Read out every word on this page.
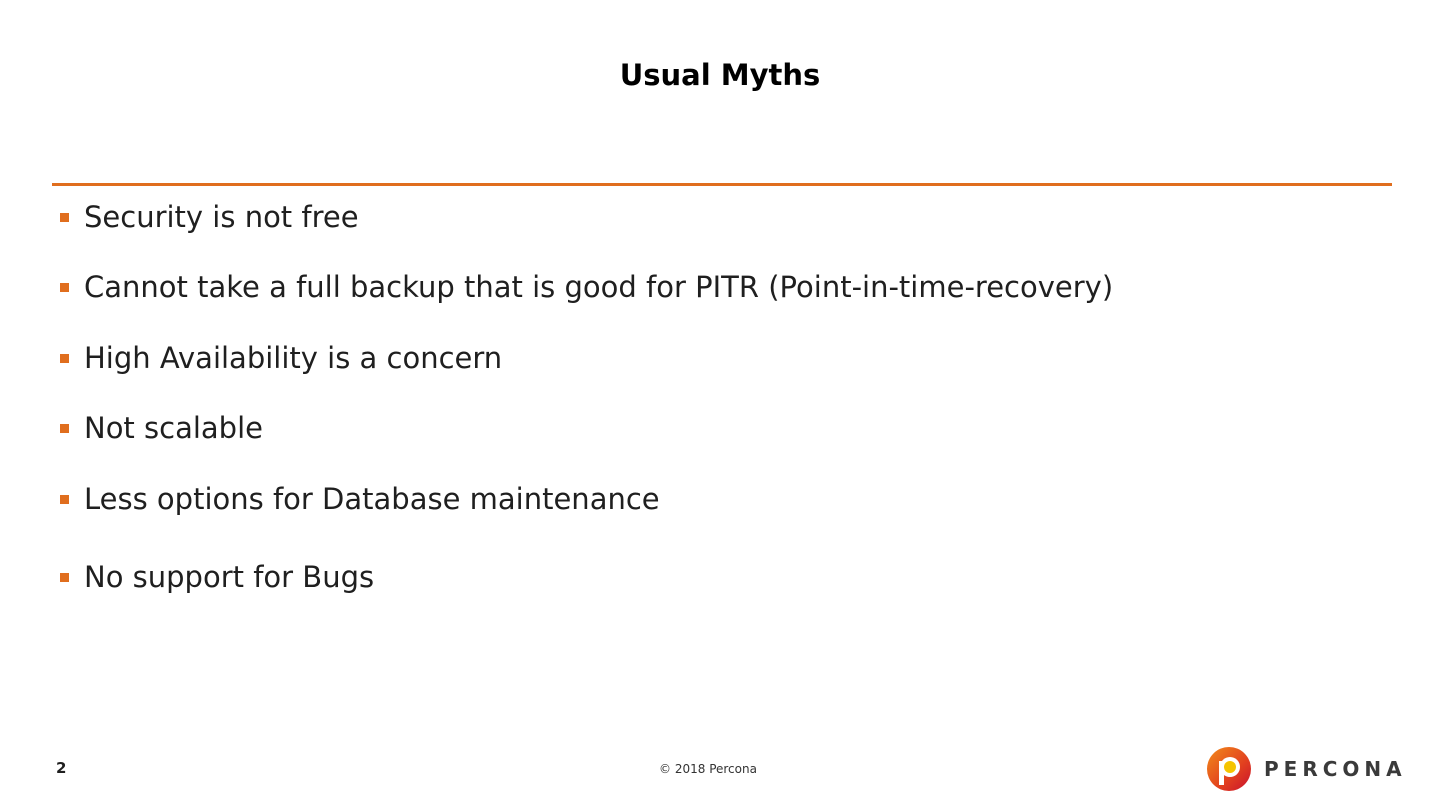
Usual Myths
Security is not free
Cannot take a full backup that is good for PITR (Point-in-time-recovery)
High Availability is a concern
Not scalable
Less options for Database maintenance
No support for Bugs
2	© 2018 Percona	PERCONA
